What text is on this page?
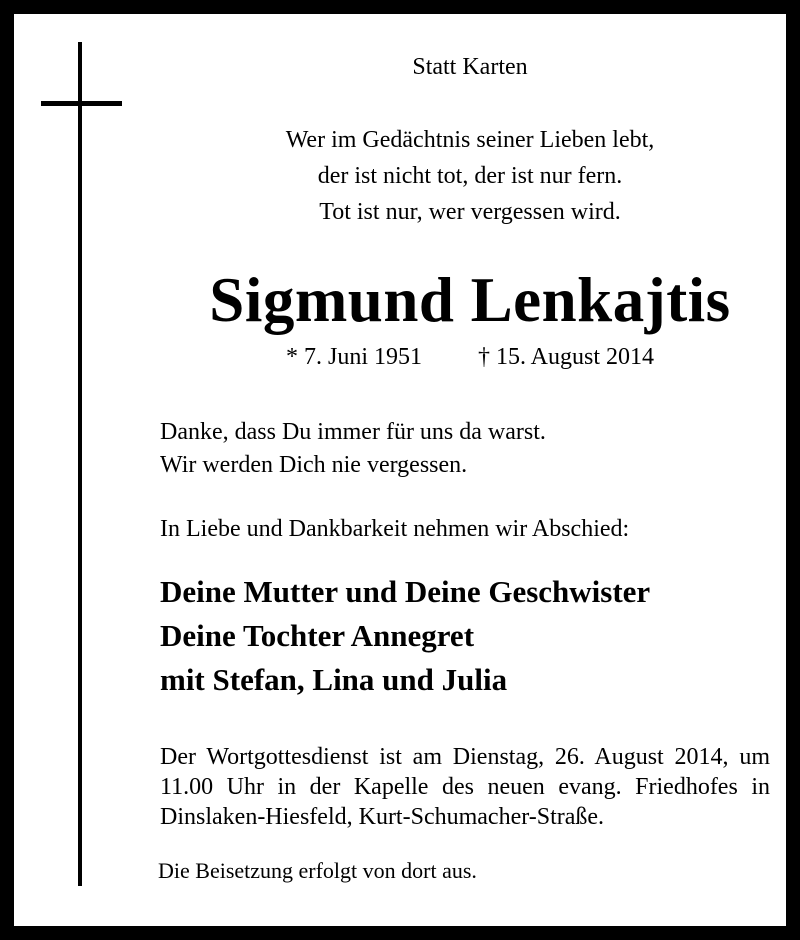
Statt Karten
Wer im Gedächtnis seiner Lieben lebt,
der ist nicht tot, der ist nur fern.
Tot ist nur, wer vergessen wird.
Sigmund Lenkajtis
* 7. Juni 1951 † 15. August 2014
Danke, dass Du immer für uns da warst.
Wir werden Dich nie vergessen.
In Liebe und Dankbarkeit nehmen wir Abschied:
Deine Mutter und Deine Geschwister
Deine Tochter Annegret
mit Stefan, Lina und Julia
Der Wortgottesdienst ist am Dienstag, 26. August 2014, um
11.00 Uhr in der Kapelle des neuen evang. Friedhofes in
Dinslaken-Hiesfeld, Kurt-Schumacher-Straße.
Die Beisetzung erfolgt von dort aus.
